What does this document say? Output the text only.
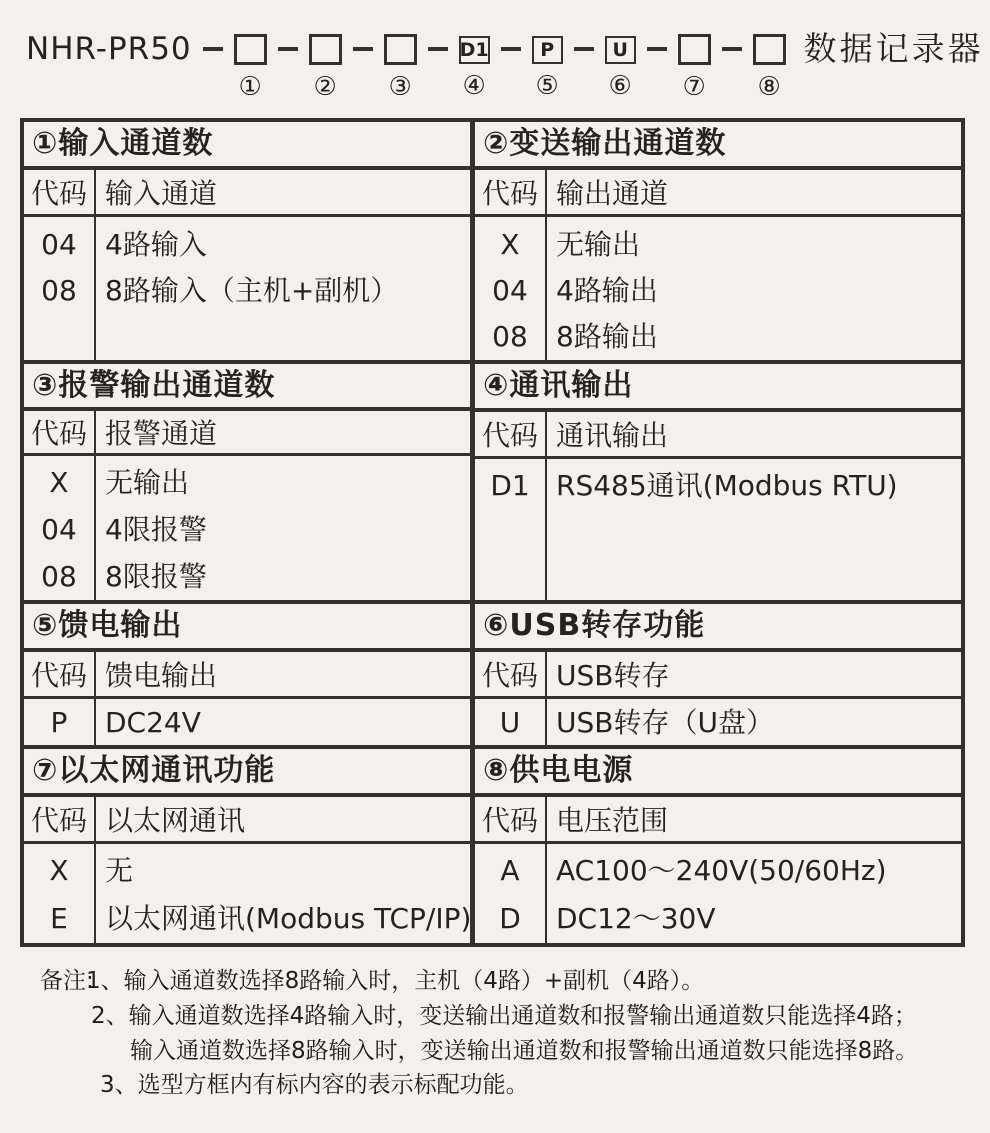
NHR-PR50
① ② ③
D1
④
P
⑤
U
⑥ ⑦ ⑧
数据记录器
①输入通道数
代码 输入通道
04
08
4路输入
8路输入（主机+副机）
②变送输出通道数
代码 输出通道
X
04
08
无输出
4路输出
8路输出
③报警输出通道数
代码 报警通道
X
04
08
无输出
4限报警
8限报警
④通讯输出
代码 通讯输出
D1 RS485通讯(Modbus RTU)
⑤馈电输出
代码 馈电输出
P	DC24V
⑥USB转存功能
代码 USB转存
U	USB转存（U盘）
⑦以太网通讯功能
代码 以太网通讯
X
E
无
以太网通讯(Modbus TCP/IP)
⑧供电电源
代码 电压范围
A
D
AC100～240V(50/60Hz)
DC12～30V
备注:
1、输入通道数选择8路输入时，主机（4路）+副机（4路）。
2、输入通道数选择4路输入时，变送输出通道数和报警输出通道数只能选择4路；
输入通道数选择8路输入时，变送输出通道数和报警输出通道数只能选择8路。
3、选型方框内有标内容的表示标配功能。
